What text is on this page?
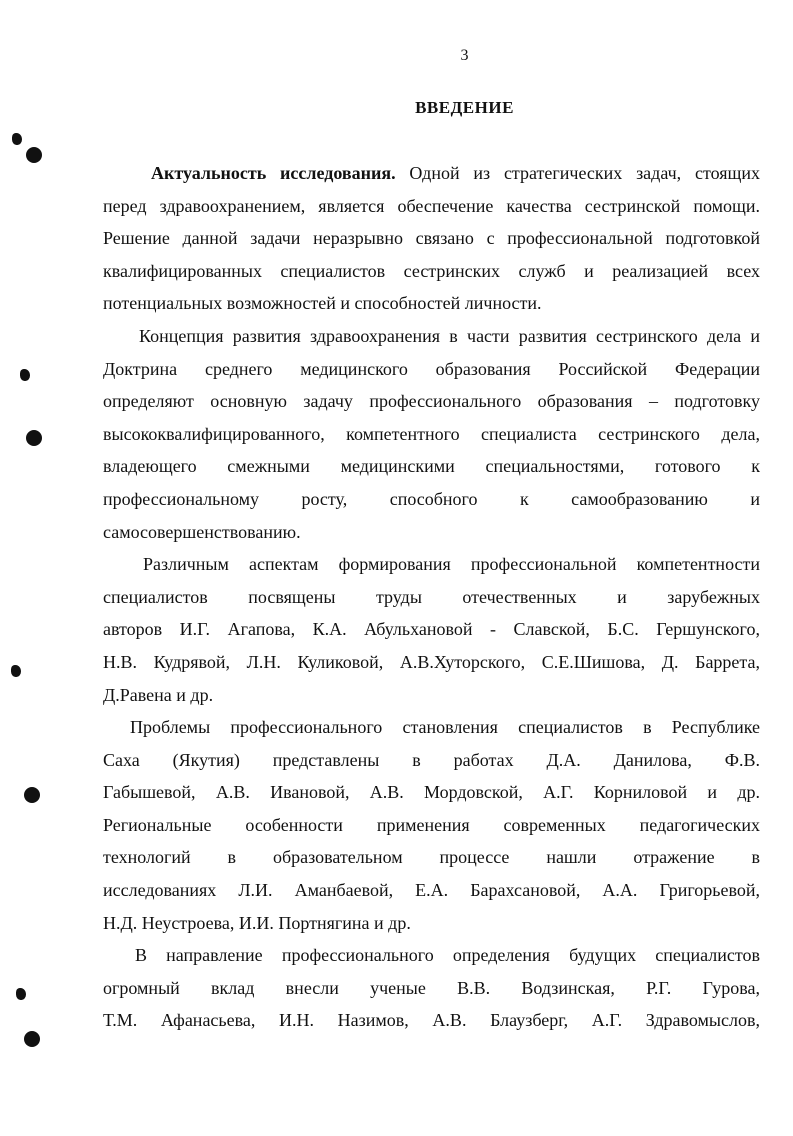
3
ВВЕДЕНИЕ

Актуальность исследования. Одной из стратегических задач, стоящих
перед здравоохранением, является обеспечение качества сестринской помощи.
Решение данной задачи неразрывно связано с профессиональной подготовкой
квалифицированных специалистов сестринских служб и реализацией всех
потенциальных возможностей и способностей личности.

Концепция развития здравоохранения в части развития сестринского дела и
Доктрина среднего медицинского образования Российской Федерации
определяют основную задачу профессионального образования – подготовку
высококвалифицированного, компетентного специалиста сестринского дела,
владеющего смежными медицинскими специальностями, готового к
профессиональному росту, способного к самообразованию и
самосовершенствованию.

Различным аспектам формирования профессиональной компетентности
специалистов посвящены труды отечественных и зарубежных
авторов И.Г. Агапова, К.А. Абульхановой - Славской, Б.С. Гершунского,
Н.В. Кудрявой, Л.Н. Куликовой, А.В.Хуторского, С.Е.Шишова, Д. Баррета,
Д.Равена и др.

Проблемы профессионального становления специалистов в Республике
Саха (Якутия) представлены в работах Д.А. Данилова, Ф.В.
Габышевой, А.В. Ивановой, А.В. Мордовской, А.Г. Корниловой и др.
Региональные особенности применения современных педагогических
технологий в образовательном процессе нашли отражение в
исследованиях Л.И. Аманбаевой, Е.А. Барахсановой, А.А. Григорьевой,
Н.Д. Неустроева, И.И. Портнягина и др.

В направление профессионального определения будущих специалистов
огромный вклад внесли ученые В.В. Водзинская, Р.Г. Гурова,
Т.М. Афанасьева, И.Н. Назимов, А.В. Блаузберг, А.Г. Здравомыслов,
